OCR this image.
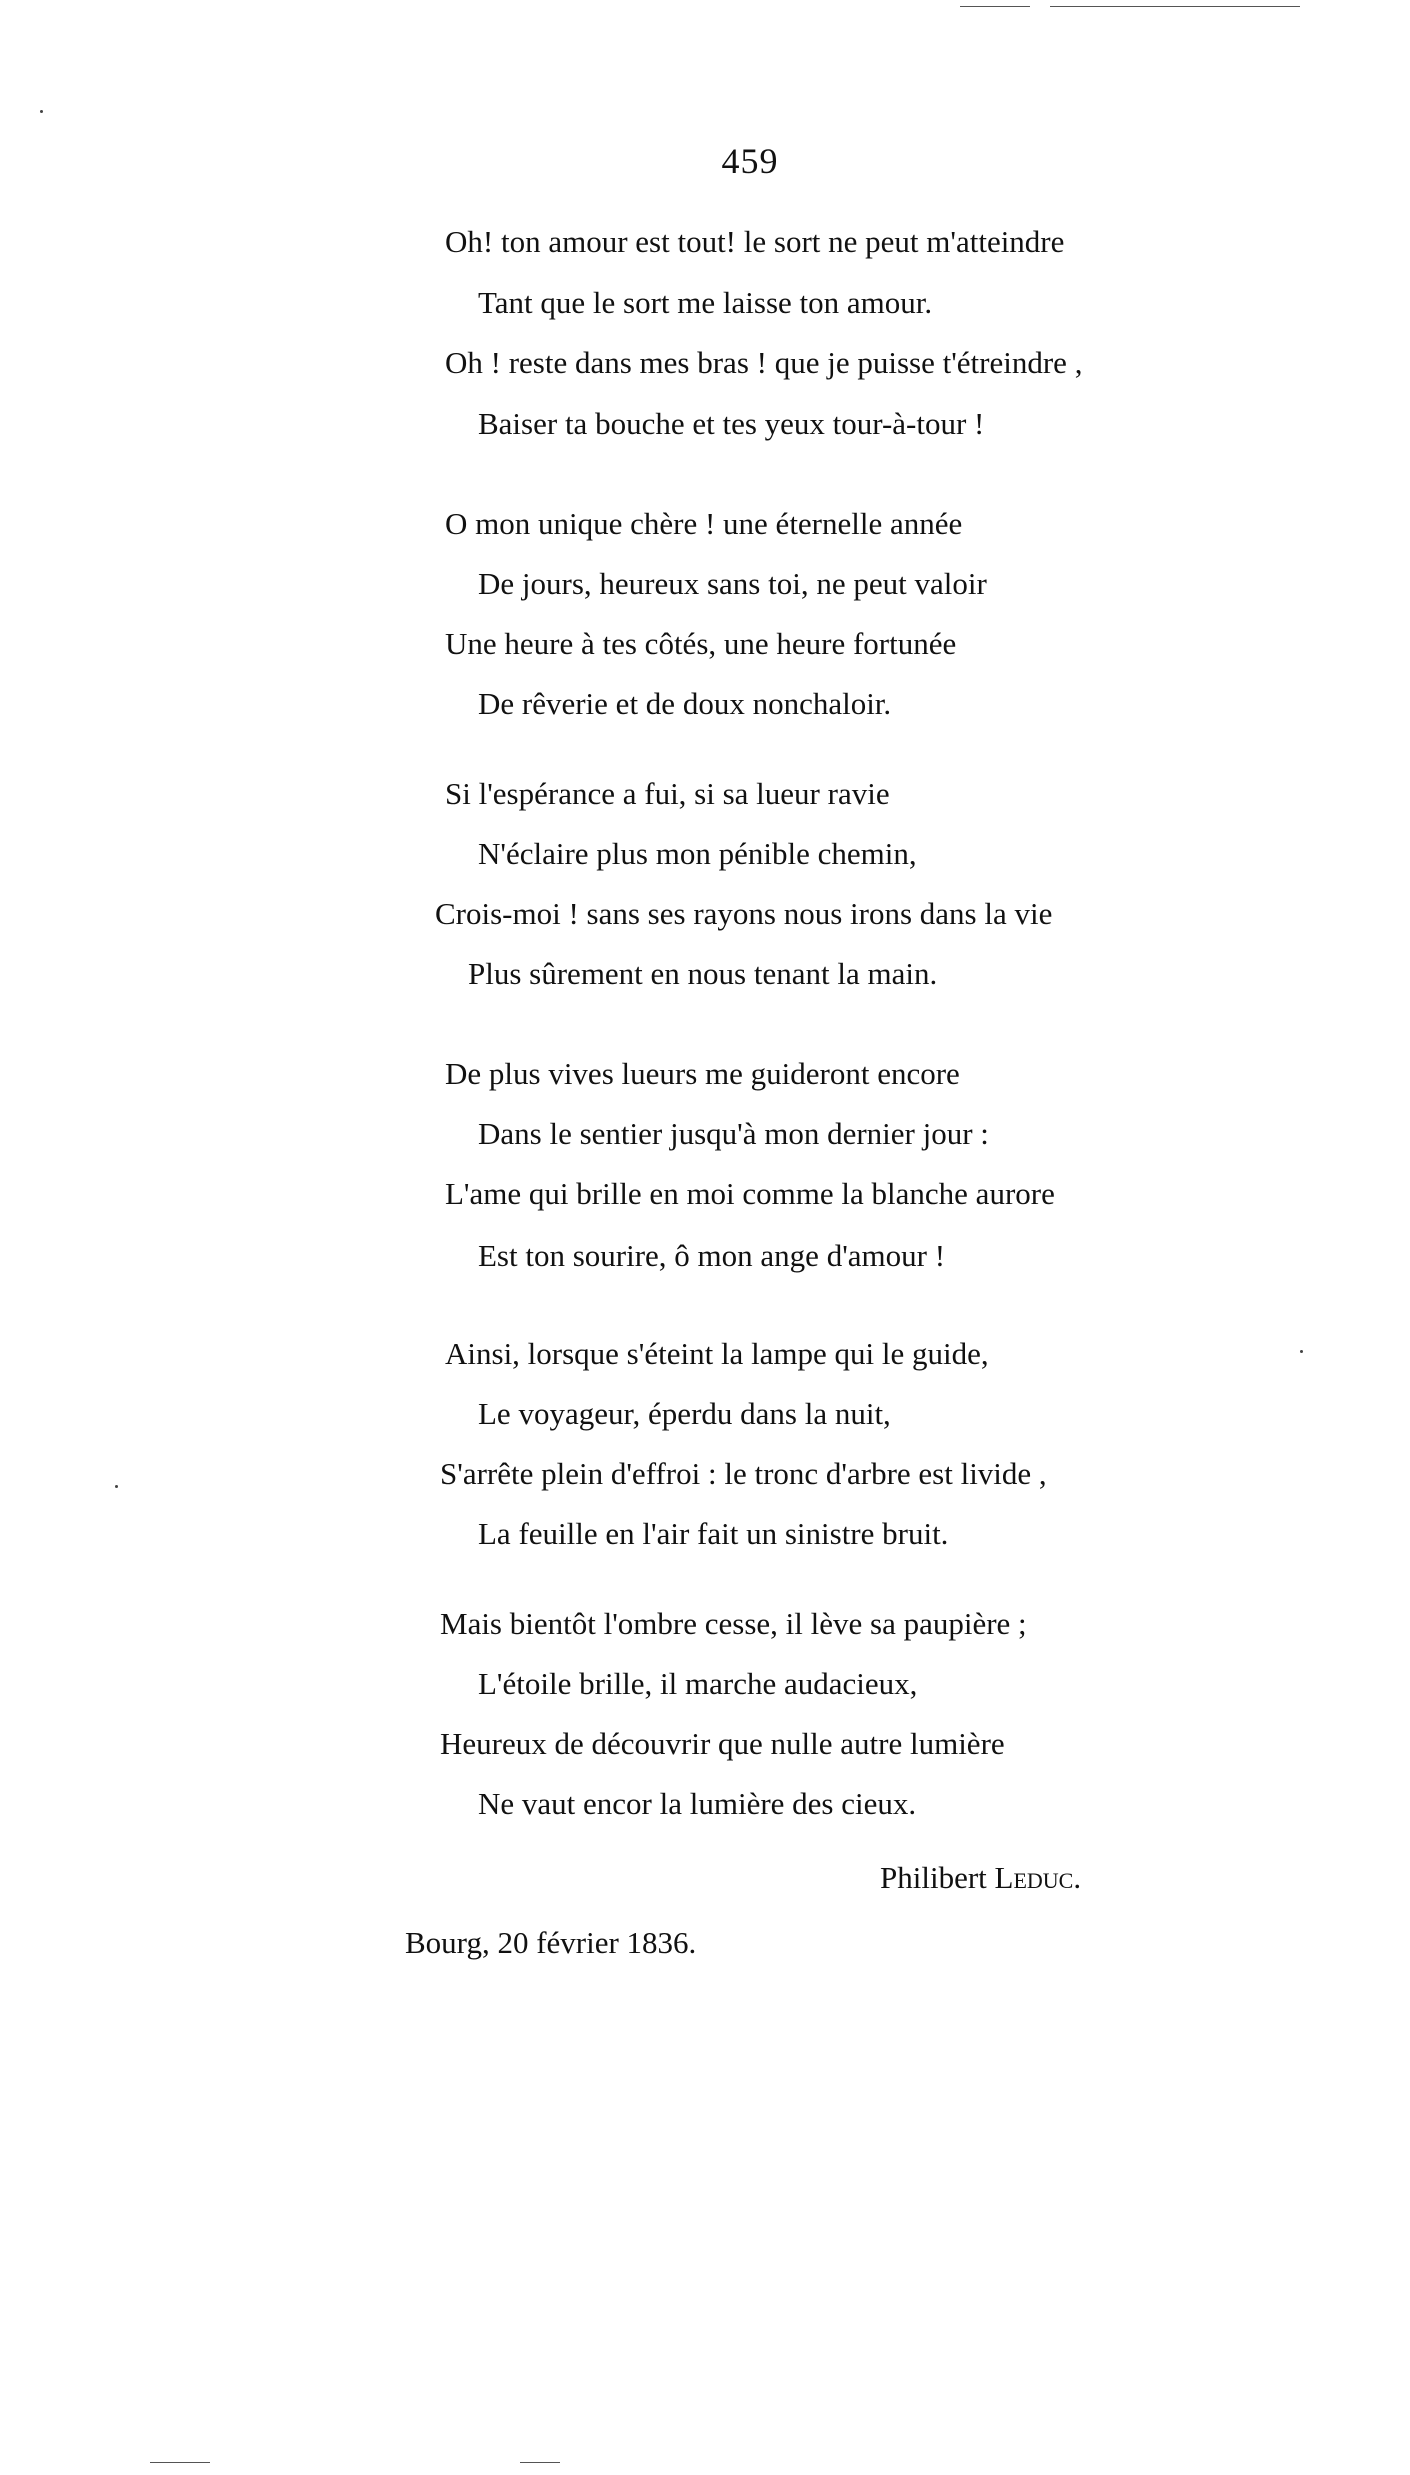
459
Oh! ton amour est tout! le sort ne peut m'atteindre
Tant que le sort me laisse ton amour.
Oh ! reste dans mes bras ! que je puisse t'étreindre ,
Baiser ta bouche et tes yeux tour-à-tour !
O mon unique chère ! une éternelle année
De jours, heureux sans toi, ne peut valoir
Une heure à tes côtés, une heure fortunée
De rêverie et de doux nonchaloir.
Si l'espérance a fui, si sa lueur ravie
N'éclaire plus mon pénible chemin,
Crois-moi ! sans ses rayons nous irons dans la vie
Plus sûrement en nous tenant la main.
De plus vives lueurs me guideront encore
Dans le sentier jusqu'à mon dernier jour :
L'ame qui brille en moi comme la blanche aurore
Est ton sourire, ô mon ange d'amour !
Ainsi, lorsque s'éteint la lampe qui le guide,
Le voyageur, éperdu dans la nuit,
S'arrête plein d'effroi : le tronc d'arbre est livide ,
La feuille en l'air fait un sinistre bruit.
Mais bientôt l'ombre cesse, il lève sa paupière ;
L'étoile brille, il marche audacieux,
Heureux de découvrir que nulle autre lumière
Ne vaut encor la lumière des cieux.
Philibert Leduc.
Bourg, 20 février 1836.
